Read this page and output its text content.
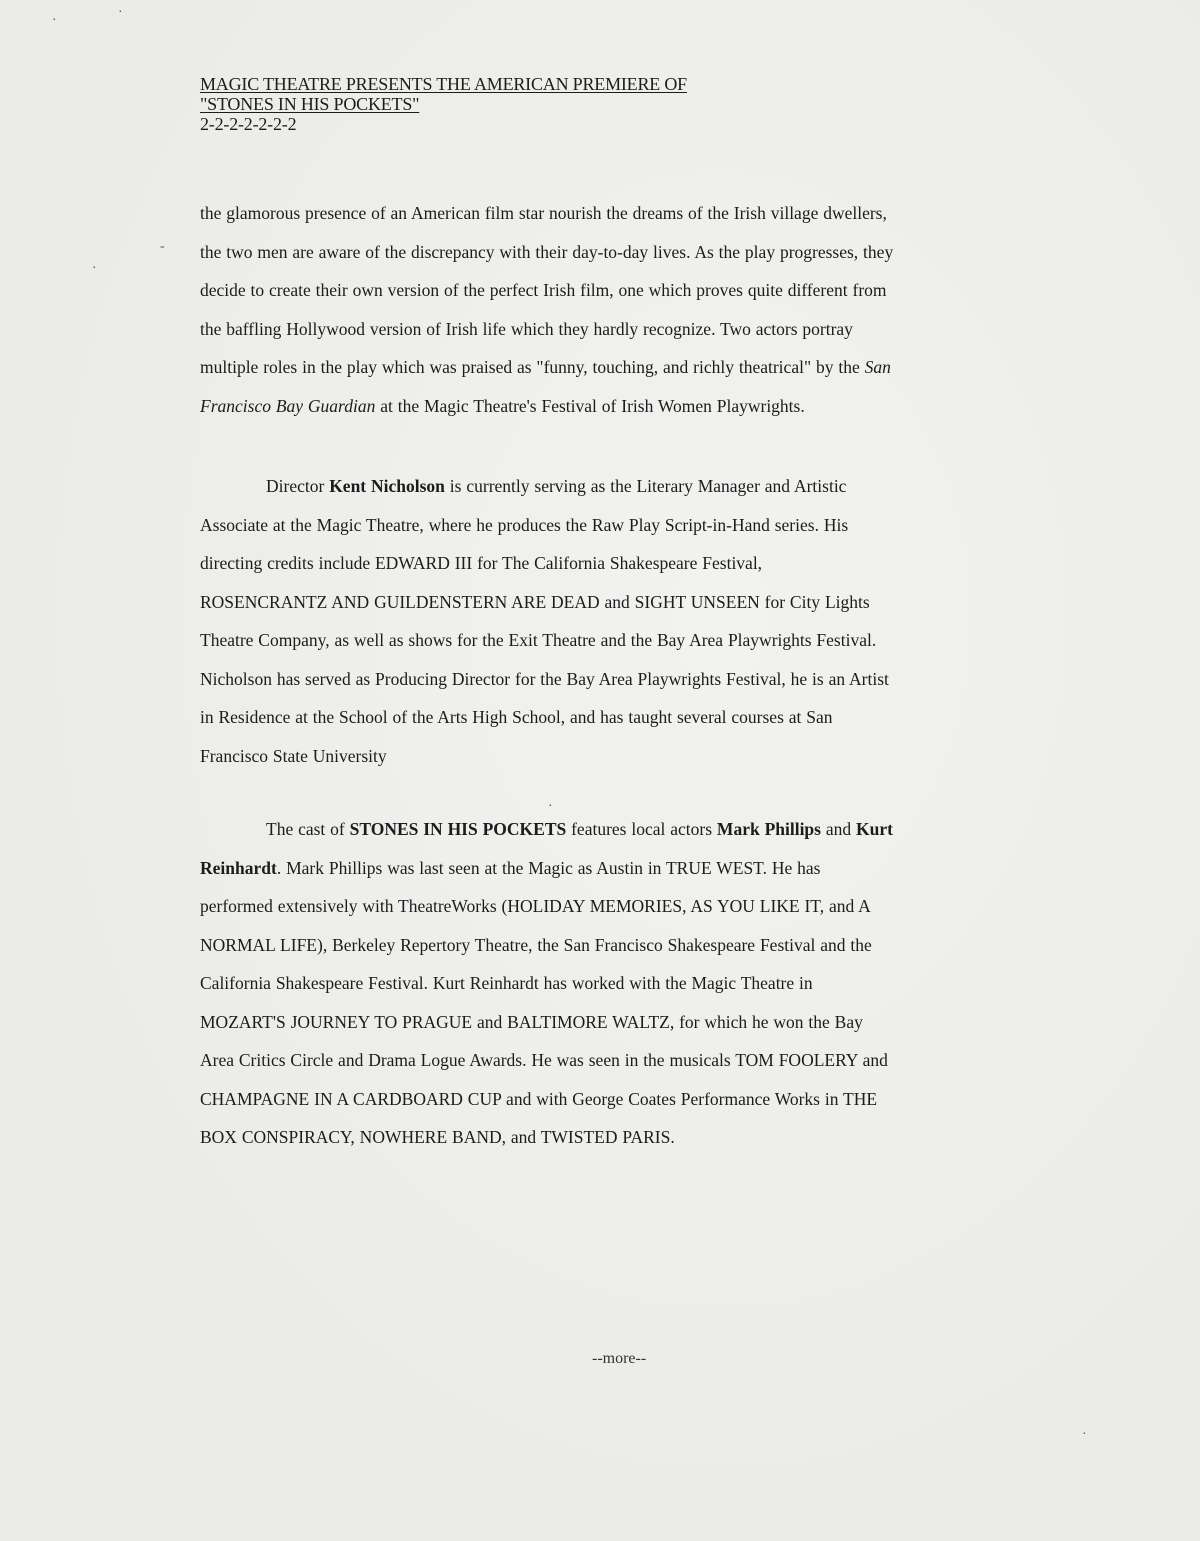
·
·
-
·
·
·
MAGIC THEATRE PRESENTS THE AMERICAN PREMIERE OF
"STONES IN HIS POCKETS"
2-2-2-2-2-2-2
the glamorous presence of an American film star nourish the dreams of the Irish village dwellers,
the two men are aware of the discrepancy with their day-to-day lives. As the play progresses, they
decide to create their own version of the perfect Irish film, one which proves quite different from
the baffling Hollywood version of Irish life which they hardly recognize. Two actors portray
multiple roles in the play which was praised as "funny, touching, and richly theatrical" by the San
Francisco Bay Guardian at the Magic Theatre's Festival of Irish Women Playwrights.
Director Kent Nicholson is currently serving as the Literary Manager and Artistic
Associate at the Magic Theatre, where he produces the Raw Play Script-in-Hand series. His
directing credits include EDWARD III for The California Shakespeare Festival,
ROSENCRANTZ AND GUILDENSTERN ARE DEAD and SIGHT UNSEEN for City Lights
Theatre Company, as well as shows for the Exit Theatre and the Bay Area Playwrights Festival.
Nicholson has served as Producing Director for the Bay Area Playwrights Festival, he is an Artist
in Residence at the School of the Arts High School, and has taught several courses at San
Francisco State University
The cast of STONES IN HIS POCKETS features local actors Mark Phillips and Kurt
Reinhardt. Mark Phillips was last seen at the Magic as Austin in TRUE WEST. He has
performed extensively with TheatreWorks (HOLIDAY MEMORIES, AS YOU LIKE IT, and A
NORMAL LIFE), Berkeley Repertory Theatre, the San Francisco Shakespeare Festival and the
California Shakespeare Festival. Kurt Reinhardt has worked with the Magic Theatre in
MOZART'S JOURNEY TO PRAGUE and BALTIMORE WALTZ, for which he won the Bay
Area Critics Circle and Drama Logue Awards. He was seen in the musicals TOM FOOLERY and
CHAMPAGNE IN A CARDBOARD CUP and with George Coates Performance Works in THE
BOX CONSPIRACY, NOWHERE BAND, and TWISTED PARIS.
--more--
